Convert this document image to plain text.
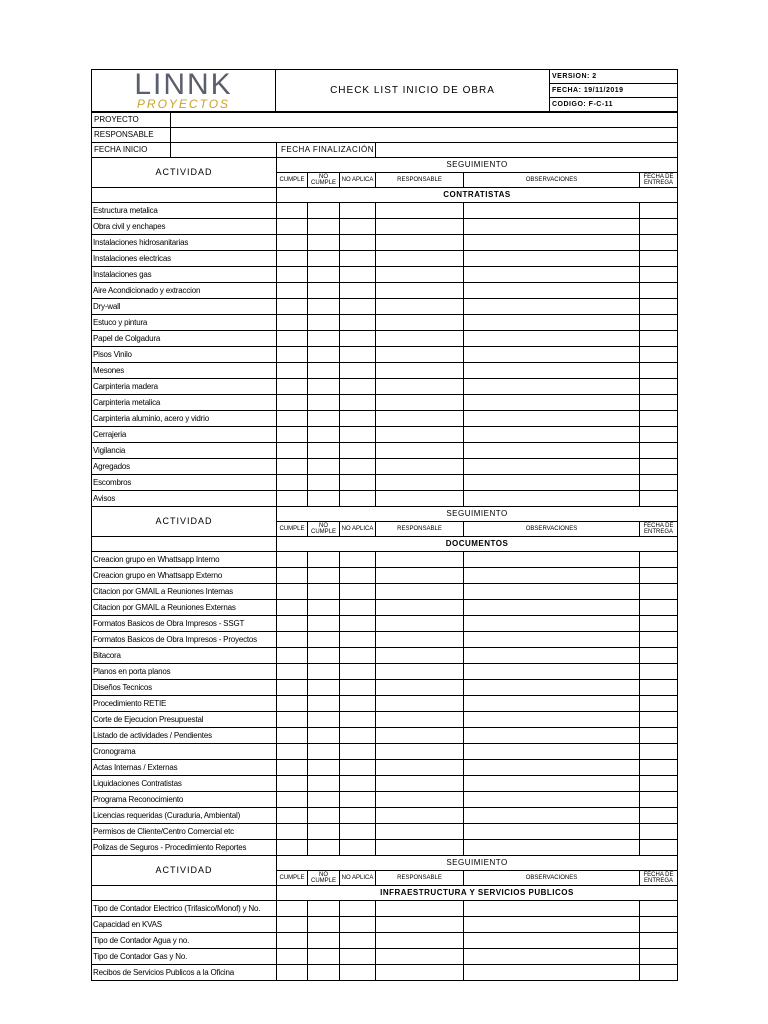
LINNK
PROYECTOS
	CHECK LIST INICIO DE OBRA	VERSION: 2
FECHA: 19/11/2019
CODIGO: F-C-11
PROYECTO							
RESPONSABLE							
FECHA INICIO		FECHA FINALIZACIÓN					
ACTIVIDAD		SEGUIMIENTO					
		CUMPLE	NO CUMPLE	NO APLICA	RESPONSABLE	OBSERVACIONES	FECHA DE ENTREGA
		CONTRATISTAS					
Estructura metalica							
Obra civil y enchapes							
Instalaciones hidrosanitarias							
Instalaciones electricas							
Instalaciones gas							
Aire Acondicionado y extraccion							
Dry-wall							
Estuco y pintura							
Papel de Colgadura							
Pisos Vinilo							
Mesones							
Carpinteria madera							
Carpinteria metalica							
Carpinteria aluminio, acero y vidrio							
Cerrajeria							
Vigilancia							
Agregados							
Escombros							
Avisos							
ACTIVIDAD		SEGUIMIENTO					
		CUMPLE	NO CUMPLE	NO APLICA	RESPONSABLE	OBSERVACIONES	FECHA DE ENTREGA
		DOCUMENTOS					
Creacion grupo en Whattsapp Interno							
Creacion grupo en Whattsapp Externo							
Citacion por GMAIL a Reuniones Internas							
Citacion por GMAIL a Reuniones Externas							
Formatos Basicos de Obra Impresos - SSGT							
Formatos Basicos de Obra Impresos - Proyectos							
Bitacora							
Planos en porta planos							
Diseños Tecnicos							
Procedimiento RETIE							
Corte de Ejecucion Presupuestal							
Listado de actividades / Pendientes							
Cronograma							
Actas Internas / Externas							
Liquidaciones Contratistas							
Programa Reconocimiento							
Licencias requeridas (Curaduria, Ambiental)							
Permisos de Cliente/Centro Comercial etc							
Polizas de Seguros - Procedimiento Reportes							
ACTIVIDAD		SEGUIMIENTO					
		CUMPLE	NO CUMPLE	NO APLICA	RESPONSABLE	OBSERVACIONES	FECHA DE ENTREGA
		INFRAESTRUCTURA Y SERVICIOS PUBLICOS					
Tipo de Contador Electrico (Trifasico/Monof) y No.							
Capacidad en KVAS							
Tipo de Contador Agua y no.							
Tipo de Contador Gas y No.							
Recibos de Servicios Publicos a la Oficina							
